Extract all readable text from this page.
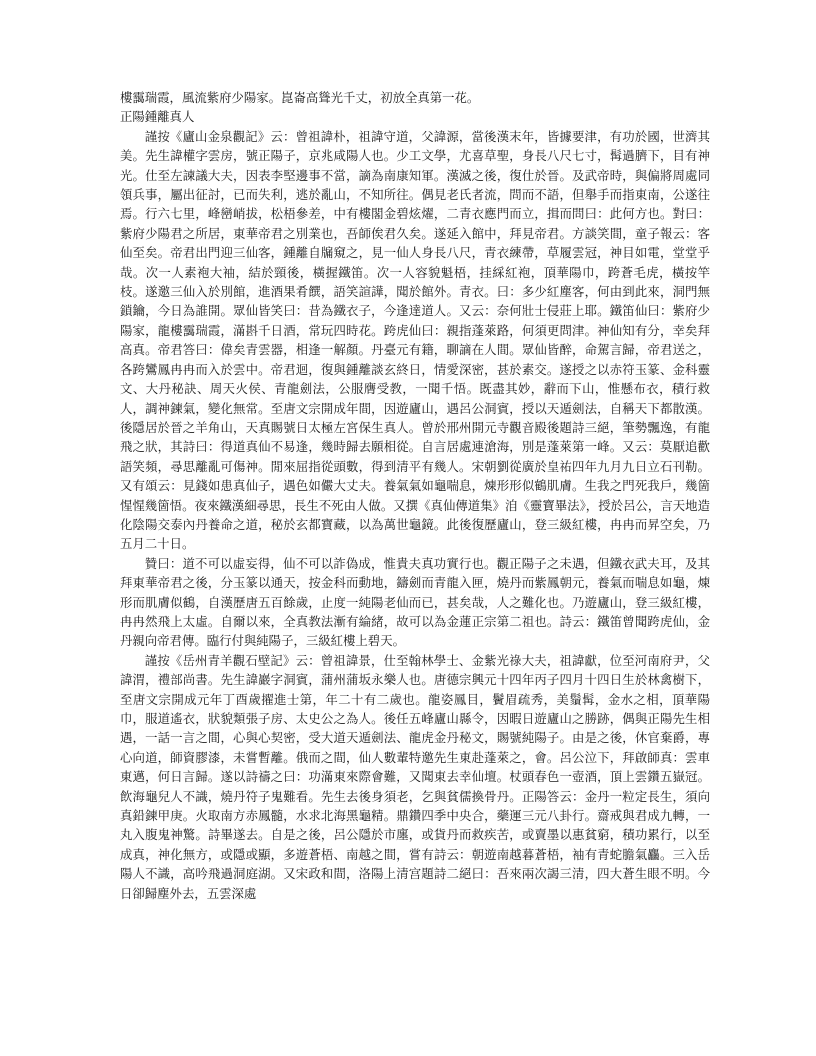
樓靄瑞霞，風流紫府少陽家。崑崙高聳光千丈，初放全真第一花。

正陽鍾離真人

謹按《廬山金泉觀記》云：曾祖諱朴，祖諱守道，父諱源，當後漢末年，皆據要津，有功於國，世濟其美。先生諱權字雲房，號正陽子，京兆咸陽人也。少工文學，尤喜草聖，身長八尺七寸，髯過臍下，目有神光。仕至左諫議大夫，因表李堅邊事不當，謫為南康知軍。漢滅之後，復仕於晉。及武帝時，與偏將周處同領兵事，屬出征討，已而失利，逃於亂山，不知所往。偶見老氏者流，問而不語，但舉手而指東南，公遂往焉。行六七里，峰巒峭拔，松梧參差，中有樓閣金碧炫燿，二青衣應門而立，揖而問曰：此何方也。對曰：紫府少陽君之所居，東華帝君之別業也，吾師俟君久矣。遂延入館中，拜見帝君。方談笑間，童子報云：客仙至矣。帝君出門迎三仙客，鍾離自牖窺之，見一仙人身長八尺，青衣練帶，草履雲冠，神目如電，堂堂乎哉。次一人素袍大袖，結於頸後，橫握鐵笛。次一人容貌魁梧，挂綵紅袍，頂華陽巾，跨蒼毛虎，橫按竿枝。遂邀三仙入於別館，進酒果肴饌，語笑諠譁，聞於館外。青衣。曰：多少紅塵客，何由到此來，洞門無鎖鑰，今日為誰開。眾仙皆笑曰：昔為鐵衣子，今逢達道人。又云：奈何壯士侵莊上耶。鐵笛仙曰：紫府少陽家，龍樓靄瑞霞，滿斟千日酒，常玩四時花。跨虎仙曰：親指蓬萊路，何須更問津。神仙知有分，幸矣拜高真。帝君答曰：偉矣青雲器，相逢一解顏。丹臺元有籍，聊謫在人間。眾仙皆醉，命駕言歸，帝君送之，各跨鸞鳳冉冉而入於雲中。帝君迴，復與鍾離談玄終日，情愛深密，甚於素交。遂授之以赤符玉篆、金科靈文、大丹秘訣、周天火侯、青龍劍法，公服膺受教，一聞千悟。既盡其妙，辭而下山，惟懸布衣，積行救人，調神鍊氣，變化無常。至唐文宗開成年間，因遊廬山，遇呂公洞賓，授以天遁劍法，自稱天下都散漢。後隱居於晉之羊角山，天真賜號日太極左宮保生真人。曾於邢州開元寺觀音殿後題詩三絕，筆勢飄逸，有龍飛之狀，其詩曰：得道真仙不易逢，幾時歸去願相從。自言居處連滄海，別是蓬萊第一峰。又云：莫厭追歡語笑頻，尋思離亂可傷神。閒來屈指從頭數，得到清平有幾人。宋朝劉從廣於皇祐四年九月九日立石刊勒。又有頌云：見錢如患真仙子，遇色如儼大丈夫。養氣氣如龜喘息，煉形形似鶴肌膚。生我之門死我戶，幾箇惺惺幾箇悟。夜來鐵漢細尋思，長生不死由人做。又撰《真仙傳道集》洎《靈寶畢法》，授於呂公，言天地造化陰陽交泰內丹養命之道，秘於玄都寶藏，以為萬世龜鏡。此後復歷廬山，登三級紅樓，冉冉而昇空矣，乃五月二十日。

贊曰：道不可以虛妄得，仙不可以詐偽成，惟貴夫真功實行也。觀正陽子之未遇，但鐵衣武夫耳，及其拜東華帝君之後，分玉篆以通天，按金科而動地，鑄劍而青龍入匣，燒丹而紫鳳朝元，養氣而喘息如龜，煉形而肌膚似鶴，自漢歷唐五百餘歲，止度一純陽老仙而已，甚矣哉，人之難化也。乃遊廬山，登三級紅樓，冉冉然飛上太虛。自爾以來，全真教法漸有綸緒，故可以為金蓮正宗第二祖也。詩云：鐵笛曾聞跨虎仙，金丹親向帝君傳。臨行付與純陽子，三級紅樓上碧天。

謹按《岳州青羊觀石壁記》云：曾祖諱景，仕至翰林學士、金紫光祿大夫，祖諱獻，位至河南府尹，父諱渭，禮部尚書。先生諱巖字洞賓，蒲州蒲坂永樂人也。唐德宗興元十四年丙子四月十四日生於林禽樹下，至唐文宗開成元年丁酉歲擢進士第，年二十有二歲也。龍姿鳳目，鬢眉疏秀，美鬚髯，金水之相，頂華陽巾，服道遙衣，狀貌類張子房、太史公之為人。後任五峰廬山縣令，因暇日遊廬山之勝跡，偶與正陽先生相遇，一話一言之間，心與心契密，受大道天遁劍法、龍虎金丹秘文，賜號純陽子。由是之後，休官棄爵，專心向道，師資膠漆，未嘗暫離。俄而之間，仙人數輩特邀先生東赴蓬萊之，會。呂公泣下，拜啟師真：雲車東邁，何日言歸。遂以詩禱之曰：功滿東來際會難，又聞東去幸仙壇。杖頭春色一壺酒，頂上雲鑽五嶽冠。飲海龜兒人不識，燒丹符子鬼難看。先生去後身須老，乞與貧儒換骨丹。正陽答云：金丹一粒定長生，須向真鉛鍊甲庚。火取南方赤鳳髓，水求北海黑龜精。鼎鑽四季中央合，藥運三元八卦行。齋戒與君成九轉，一丸入腹鬼神驚。詩畢遂去。自是之後，呂公隱於市廛，或貨丹而救疾苦，或賣墨以惠貧窮，積功累行，以至成真，神化無方，或隱或顯，多遊蒼梧、南越之間，嘗有詩云：朝遊南越暮蒼梧，袖有青蛇膽氣麤。三入岳陽人不識，高吟飛過洞庭湖。又宋政和間，洛陽上清宫題詩二絕曰：吾來兩次謁三清，四大蒼生眼不明。今日卻歸塵外去，五雲深處
